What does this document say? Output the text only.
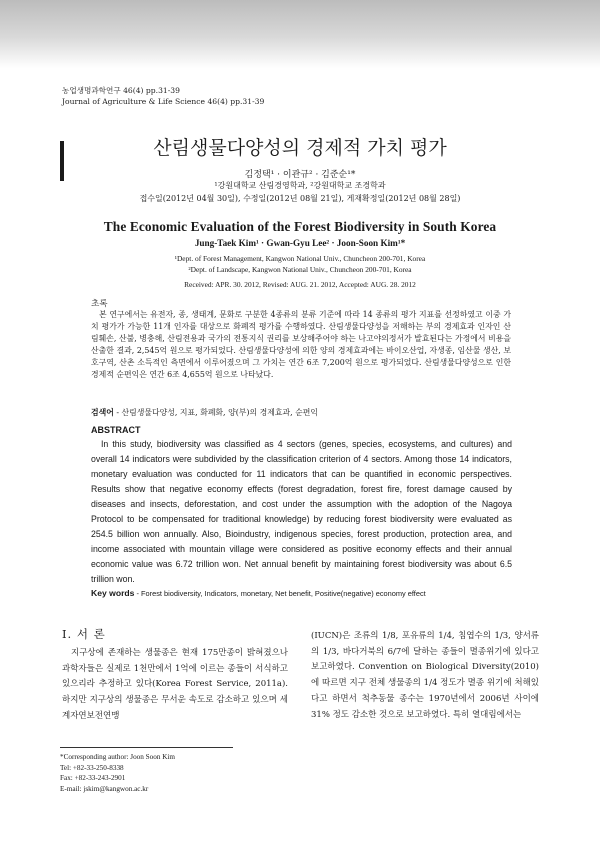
농업생명과학연구 46(4) pp.31-39
Journal of Agriculture & Life Science 46(4) pp.31-39
산림생물다양성의 경제적 가치 평가
김정택¹ · 이관규² · 김준순¹*
¹강원대학교 산림경영학과, ²강원대학교 조경학과
접수일(2012년 04월 30일), 수정일(2012년 08월 21일), 게재확정일(2012년 08월 28일)
The Economic Evaluation of the Forest Biodiversity in South Korea
Jung-Taek Kim¹ · Gwan-Gyu Lee² · Joon-Soon Kim¹*
¹Dept. of Forest Management, Kangwon National Univ., Chuncheon 200-701, Korea
²Dept. of Landscape, Kangwon National Univ., Chuncheon 200-701, Korea
Received: APR. 30. 2012, Revised: AUG. 21. 2012, Accepted: AUG. 28. 2012
초록

본 연구에서는 유전자, 종, 생태계, 문화로 구분한 4종류의 분류 기준에 따라 14 종류의 평가 지표를 선정하였고 이중 가치 평가가 가능한 11개 인자를 대상으로 화폐적 평가를 수행하였다. 산림생물다양성을 저해하는 부의 경제효과 인자인 산림훼손, 산불, 병충해, 산림전용과 국가의 전통지식 권리를 보상해주어야 하는 나고야의정서가 발효된다는 가정에서 비용을 산출한 결과, 2,545억 원으로 평가되었다. 산림생물다양성에 의한 양의 경제효과에는 바이오산업, 자생종, 임산물 생산, 보호구역, 산촌 소득적인 측면에서 이루어졌으며 그 가치는 연간 6조 7,200억 원으로 평가되었다. 산림생물다양성으로 인한 경제적 순편익은 연간 6조 4,655억 원으로 나타났다.

검색어 - 산림생물다양성, 지표, 화폐화, 양(부)의 경제효과, 순편익
ABSTRACT

In this study, biodiversity was classified as 4 sectors (genes, species, ecosystems, and cultures) and overall 14 indicators were subdivided by the classification criterion of 4 sectors. Among those 14 indicators, monetary evaluation was conducted for 11 indicators that can be quantified in economic perspectives. Results show that negative economy effects (forest degradation, forest fire, forest damage caused by diseases and insects, deforestation, and cost under the assumption with the adoption of the Nagoya Protocol to be compensated for traditional knowledge) by reducing forest biodiversity were evaluated as 254.5 billion won annually. Also, Bioindustry, indigenous species, forest production, protection area, and income associated with mountain village were considered as positive economy effects and their annual economic value was 6.72 trillion won. Net annual benefit by maintaining forest biodiversity was about 6.5 trillion won.

Key words - Forest biodiversity, Indicators, monetary, Net benefit, Positive(negative) economy effect
Ⅰ. 서 론

지구상에 존재하는 생물종은 현재 175만종이 밝혀졌으나 과학자들은 실제로 1천만에서 1억에 이르는 종들이 서식하고 있으리라 추정하고 있다(Korea Forest Service, 2011a). 하지만 지구상의 생물종은 무서운 속도로 감소하고 있으며 세계자연보전연맹

(IUCN)은 조류의 1/8, 포유류의 1/4, 침엽수의 1/3, 양서류의 1/3, 바다거북의 6/7에 달하는 종들이 멸종위기에 있다고 보고하였다. Convention on Biological Diversity(2010)에 따르면 지구 전체 생물종의 1/4 정도가 멸종 위기에 처해있다고 하면서 척추동물 종수는 1970년에서 2006년 사이에 31% 정도 감소한 것으로 보고하였다. 특히 열대림에서는

*Corresponding author: Joon Soon Kim
Tel: +82-33-250-8338
Fax: +82-33-243-2901
E-mail: jskim@kangwon.ac.kr
